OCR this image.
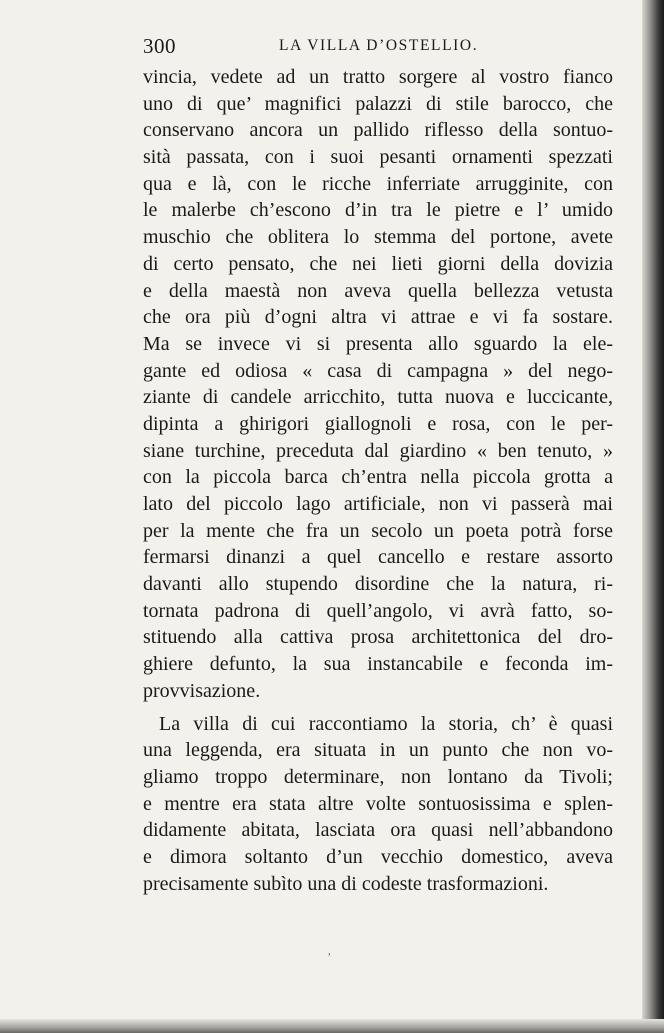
300	LA VILLA D’OSTELLIO.
vincia, vedete ad un tratto sorgere al vostro fianco
uno di que’ magnifici palazzi di stile barocco, che
conservano ancora un pallido riflesso della sontuo-
sità passata, con i suoi pesanti ornamenti spezzati
qua e là, con le ricche inferriate arrugginite, con
le malerbe ch’escono d’in tra le pietre e l’ umido
muschio che oblitera lo stemma del portone, avete
di certo pensato, che nei lieti giorni della dovizia
e della maestà non aveva quella bellezza vetusta
che ora più d’ogni altra vi attrae e vi fa sostare.
Ma se invece vi si presenta allo sguardo la ele-
gante ed odiosa « casa di campagna » del nego-
ziante di candele arricchito, tutta nuova e luccicante,
dipinta a ghirigori giallognoli e rosa, con le per-
siane turchine, preceduta dal giardino « ben tenuto, »
con la piccola barca ch’entra nella piccola grotta a
lato del piccolo lago artificiale, non vi passerà mai
per la mente che fra un secolo un poeta potrà forse
fermarsi dinanzi a quel cancello e restare assorto
davanti allo stupendo disordine che la natura, ri-
tornata padrona di quell’angolo, vi avrà fatto, so-
stituendo alla cattiva prosa architettonica del dro-
ghiere defunto, la sua instancabile e feconda im-
provvisazione.
La villa di cui raccontiamo la storia, ch’ è quasi
una leggenda, era situata in un punto che non vo-
gliamo troppo determinare, non lontano da Tivoli;
e mentre era stata altre volte sontuosissima e splen-
didamente abitata, lasciata ora quasi nell’abbandono
e dimora soltanto d’un vecchio domestico, aveva
precisamente subìto una di codeste trasformazioni.
ʾ
